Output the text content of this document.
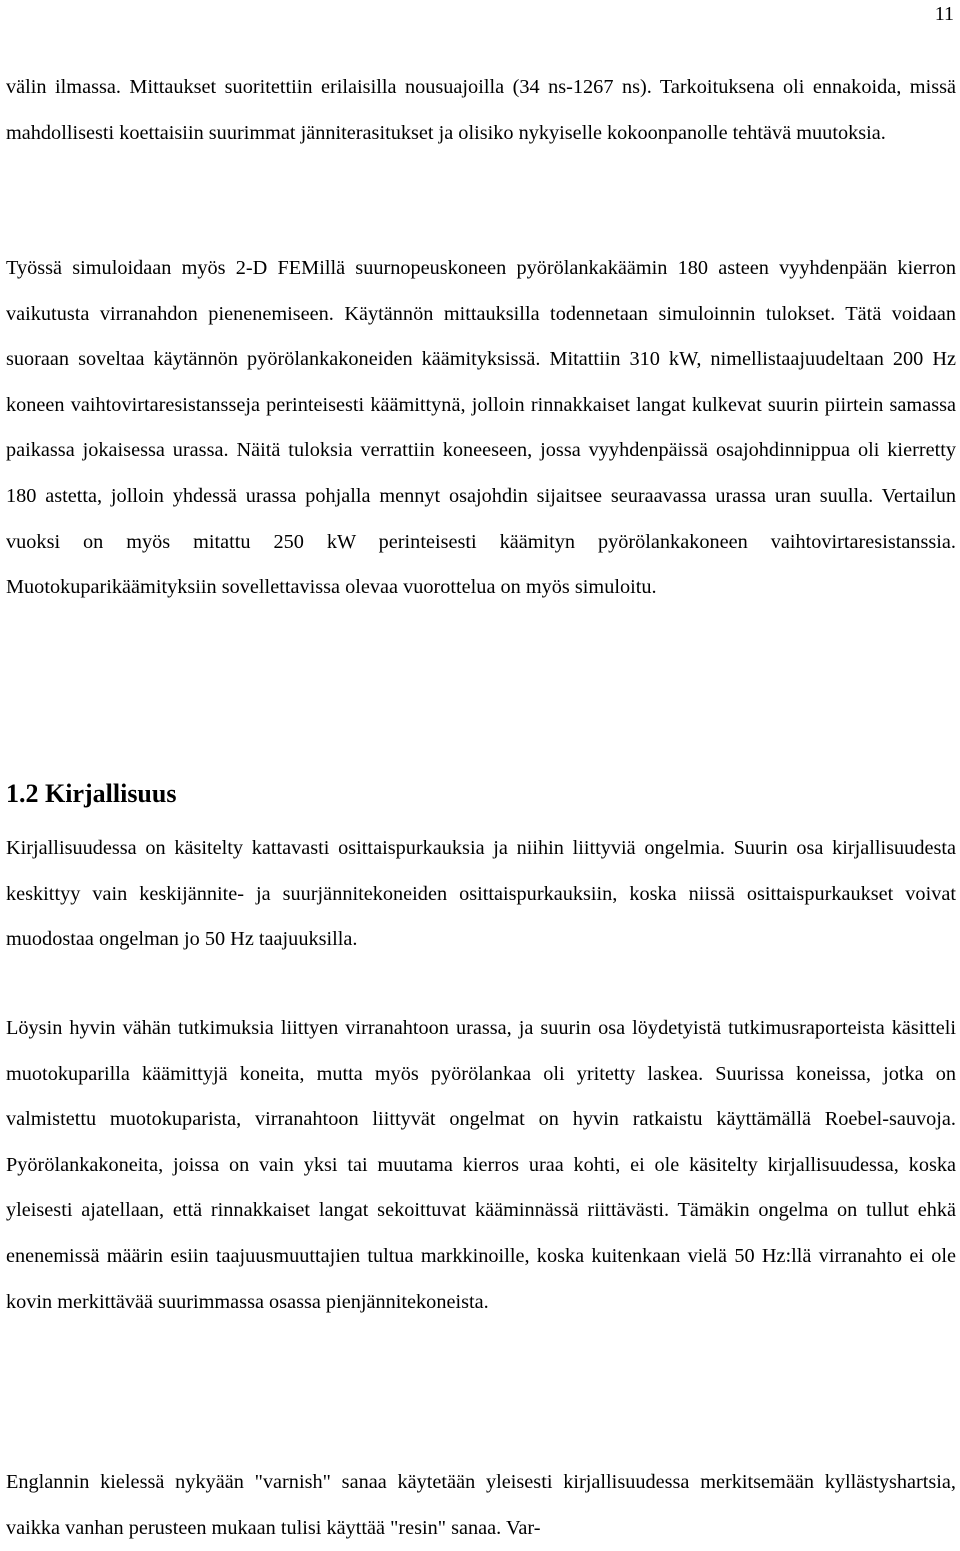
11

välin ilmassa. Mittaukset suoritettiin erilaisilla nousuajoilla (34 ns-1267 ns). Tarkoituksena oli ennakoida, missä mahdollisesti koettaisiin suurimmat jänniterasitukset ja olisiko nykyiselle kokoonpanolle tehtävä muutoksia.

Työssä simuloidaan myös 2-D FEMillä suurnopeuskoneen pyörölankakäämin 180 asteen vyyhdenpään kierron vaikutusta virranahdon pienenemiseen. Käytännön mittauksilla todennetaan simuloinnin tulokset. Tätä voidaan suoraan soveltaa käytännön pyörölankakoneiden käämityksissä. Mitattiin 310 kW, nimellistaajuudeltaan 200 Hz koneen vaihtovirtaresistansseja perinteisesti käämittynä, jolloin rinnakkaiset langat kulkevat suurin piirtein samassa paikassa jokaisessa urassa. Näitä tuloksia verrattiin koneeseen, jossa vyyhdenpäissä osajohdinnippua oli kierretty 180 astetta, jolloin yhdessä urassa pohjalla mennyt osajohdin sijaitsee seuraavassa urassa uran suulla. Vertailun vuoksi on myös mitattu 250 kW perinteisesti käämityn pyörölankakoneen vaihtovirtaresistanssia. Muotokuparikäämityksiin sovellettavissa olevaa vuorottelua on myös simuloitu.

1.2 Kirjallisuus

Kirjallisuudessa on käsitelty kattavasti osittaispurkauksia ja niihin liittyviä ongelmia. Suurin osa kirjallisuudesta keskittyy vain keskijännite- ja suurjännitekoneiden osittaispurkauksiin, koska niissä osittaispurkaukset voivat muodostaa ongelman jo 50 Hz taajuuksilla.

Löysin hyvin vähän tutkimuksia liittyen virranahtoon urassa, ja suurin osa löydetyistä tutkimusraporteista käsitteli muotokuparilla käämittyjä koneita, mutta myös pyörölankaa oli yritetty laskea. Suurissa koneissa, jotka on valmistettu muotokuparista, virranahtoon liittyvät ongelmat on hyvin ratkaistu käyttämällä Roebel-sauvoja. Pyörölankakoneita, joissa on vain yksi tai muutama kierros uraa kohti, ei ole käsitelty kirjallisuudessa, koska yleisesti ajatellaan, että rinnakkaiset langat sekoittuvat kääminnässä riittävästi. Tämäkin ongelma on tullut ehkä enenemissä määrin esiin taajuusmuuttajien tultua markkinoille, koska kuitenkaan vielä 50 Hz:llä virranahto ei ole kovin merkittävää suurimmassa osassa pienjännitekoneista.

Englannin kielessä nykyään "varnish" sanaa käytetään yleisesti kirjallisuudessa merkitsemään kyllästyshartsia, vaikka vanhan perusteen mukaan tulisi käyttää "resin" sanaa. Var-
